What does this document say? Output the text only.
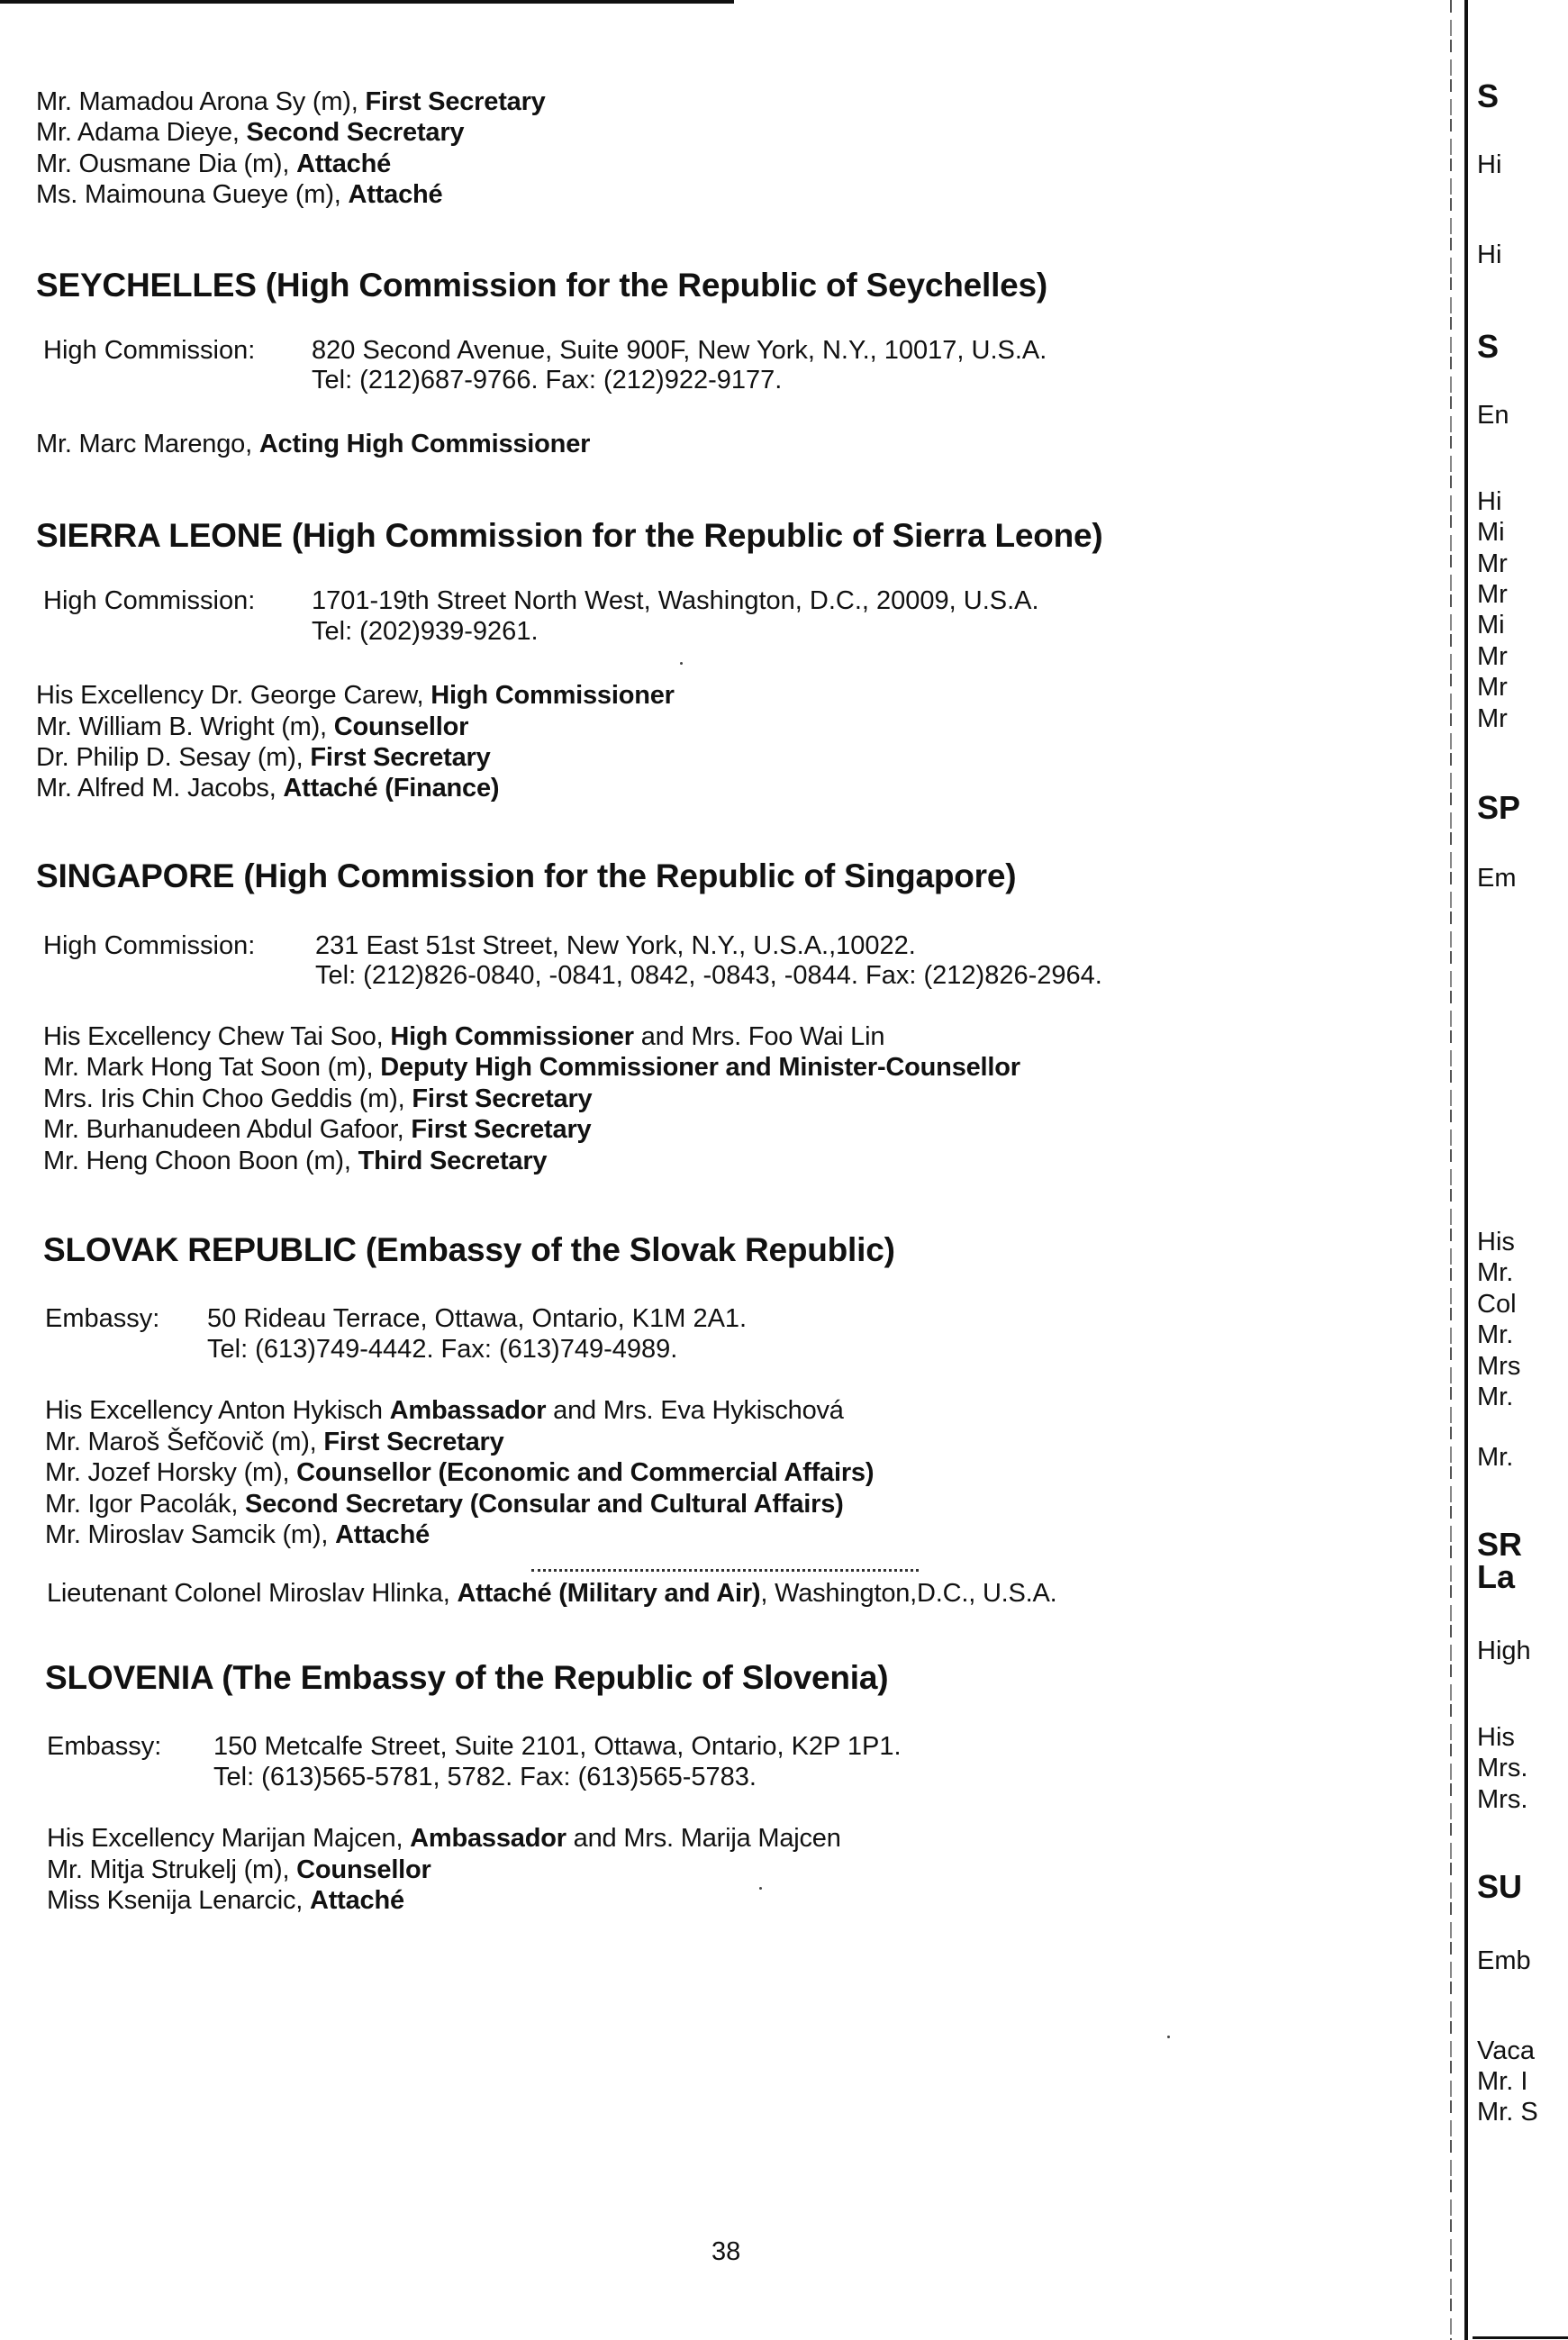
Mr. Mamadou Arona Sy (m), First Secretary
Mr. Adama Dieye, Second Secretary
Mr. Ousmane Dia (m), Attaché
Ms. Maimouna Gueye (m), Attaché
SEYCHELLES (High Commission for the Republic of Seychelles)
High Commission: 820 Second Avenue, Suite 900F, New York, N.Y., 10017, U.S.A.
Tel: (212)687-9766. Fax: (212)922-9177.
Mr. Marc Marengo, Acting High Commissioner
SIERRA LEONE (High Commission for the Republic of Sierra Leone)
High Commission: 1701-19th Street North West, Washington, D.C., 20009, U.S.A.
Tel: (202)939-9261.
His Excellency Dr. George Carew, High Commissioner
Mr. William B. Wright (m), Counsellor
Dr. Philip D. Sesay (m), First Secretary
Mr. Alfred M. Jacobs, Attaché (Finance)
SINGAPORE (High Commission for the Republic of Singapore)
High Commission: 231 East 51st Street, New York, N.Y., U.S.A.,10022.
Tel: (212)826-0840, -0841, 0842, -0843, -0844. Fax: (212)826-2964.
His Excellency Chew Tai Soo, High Commissioner and Mrs. Foo Wai Lin
Mr. Mark Hong Tat Soon (m), Deputy High Commissioner and Minister-Counsellor
Mrs. Iris Chin Choo Geddis (m), First Secretary
Mr. Burhanudeen Abdul Gafoor, First Secretary
Mr. Heng Choon Boon (m), Third Secretary
SLOVAK REPUBLIC (Embassy of the Slovak Republic)
Embassy: 50 Rideau Terrace, Ottawa, Ontario, K1M 2A1.
Tel: (613)749-4442. Fax: (613)749-4989.
His Excellency Anton Hykisch Ambassador and Mrs. Eva Hykischová
Mr. Maroš Šefčovič (m), First Secretary
Mr. Jozef Horsky (m), Counsellor (Economic and Commercial Affairs)
Mr. Igor Pacolák, Second Secretary (Consular and Cultural Affairs)
Mr. Miroslav Samcik (m), Attaché
Lieutenant Colonel Miroslav Hlinka, Attaché (Military and Air), Washington,D.C., U.S.A.
SLOVENIA (The Embassy of the Republic of Slovenia)
Embassy: 150 Metcalfe Street, Suite 2101, Ottawa, Ontario, K2P 1P1.
Tel: (613)565-5781, 5782. Fax: (613)565-5783.
His Excellency Marijan Majcen, Ambassador and Mrs. Marija Majcen
Mr. Mitja Strukelj (m), Counsellor
Miss Ksenija Lenarcic, Attaché
38
S
Hi
Hi
S
En
Hi
Mi
Mr
Mr
Mi
Mr
Mr
Mr
SP
Em
His
Mr.
Col
Mr.
Mrs
Mr.
Mr.
SR
La
High
His
Mrs.
Mrs.
SU
Emb
Vaca
Mr. I
Mr. S
